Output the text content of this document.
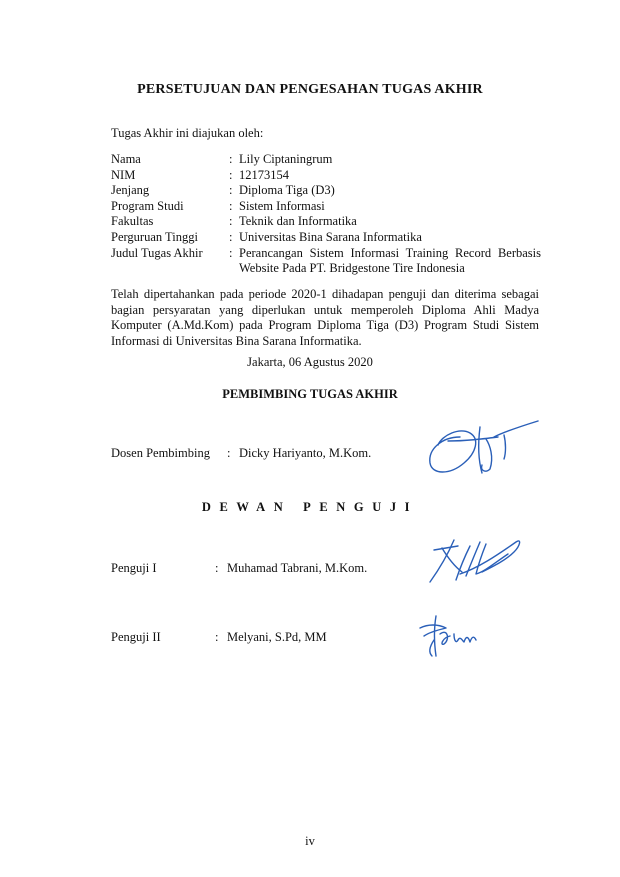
PERSETUJUAN DAN PENGESAHAN TUGAS AKHIR
Tugas Akhir ini diajukan oleh:
Nama	: Lily Ciptaningrum
NIM	: 12173154
Jenjang	: Diploma Tiga (D3)
Program Studi	: Sistem Informasi
Fakultas	: Teknik dan Informatika
Perguruan Tinggi	: Universitas Bina Sarana Informatika
Judul Tugas Akhir	: Perancangan Sistem Informasi Training Record Berbasis Website Pada PT. Bridgestone Tire Indonesia
Telah dipertahankan pada periode 2020-1 dihadapan penguji dan diterima sebagai bagian persyaratan yang diperlukan untuk memperoleh Diploma Ahli Madya Komputer (A.Md.Kom) pada Program Diploma Tiga (D3) Program Studi Sistem Informasi di Universitas Bina Sarana Informatika.
Jakarta, 06 Agustus 2020
PEMBIMBING TUGAS AKHIR
Dosen Pembimbing	: Dicky Hariyanto, M.Kom.
DEWAN PENGUJI
Penguji I	: Muhamad Tabrani, M.Kom.
Penguji II	: Melyani, S.Pd, MM
iv
